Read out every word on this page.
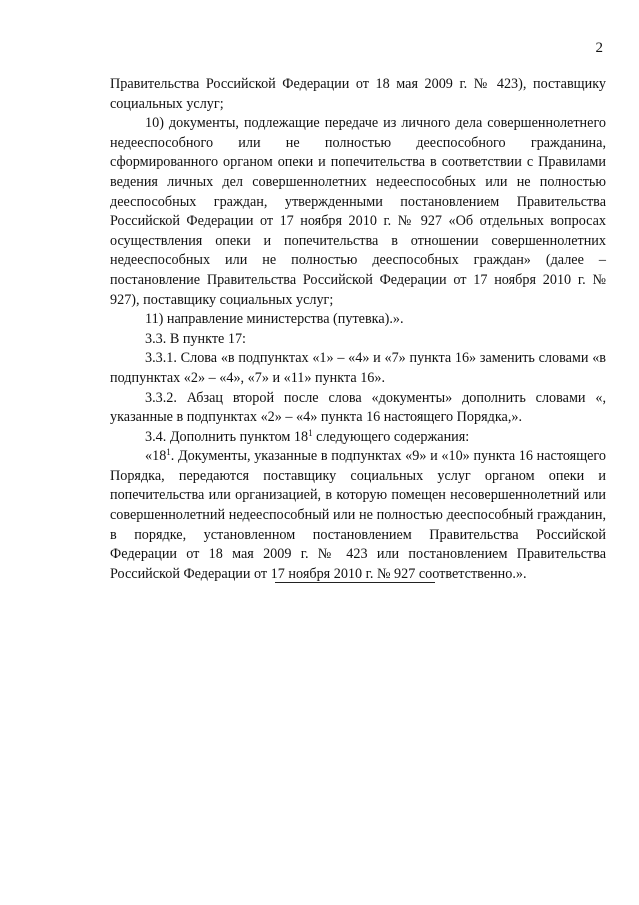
2

Правительства Российской Федерации от 18 мая 2009 г. № 423), поставщику социальных услуг;

10) документы, подлежащие передаче из личного дела совершеннолетнего недееспособного или не полностью дееспособного гражданина, сформированного органом опеки и попечительства в соответствии с Правилами ведения личных дел совершеннолетних недееспособных или не полностью дееспособных граждан, утвержденными постановлением Правительства Российской Федерации от 17 ноября 2010 г. № 927 «Об отдельных вопросах осуществления опеки и попечительства в отношении совершеннолетних недееспособных или не полностью дееспособных граждан» (далее – постановление Правительства Российской Федерации от 17 ноября 2010 г. № 927), поставщику социальных услуг;

11) направление министерства (путевка).».

3.3. В пункте 17:

3.3.1. Слова «в подпунктах «1» – «4» и «7» пункта 16» заменить словами «в подпунктах «2» – «4», «7» и «11» пункта 16».

3.3.2. Абзац второй после слова «документы» дополнить словами «, указанные в подпунктах «2» – «4» пункта 16 настоящего Порядка,».

3.4. Дополнить пунктом $18^1$ следующего содержания:

«$18^1$. Документы, указанные в подпунктах «9» и «10» пункта 16 настоящего Порядка, передаются поставщику социальных услуг органом опеки и попечительства или организацией, в которую помещен несовершеннолетний или совершеннолетний недееспособный или не полностью дееспособный гражданин, в порядке, установленном постановлением Правительства Российской Федерации от 18 мая 2009 г. № 423 или постановлением Правительства Российской Федерации от 17 ноября 2010 г. № 927 соответственно.».
